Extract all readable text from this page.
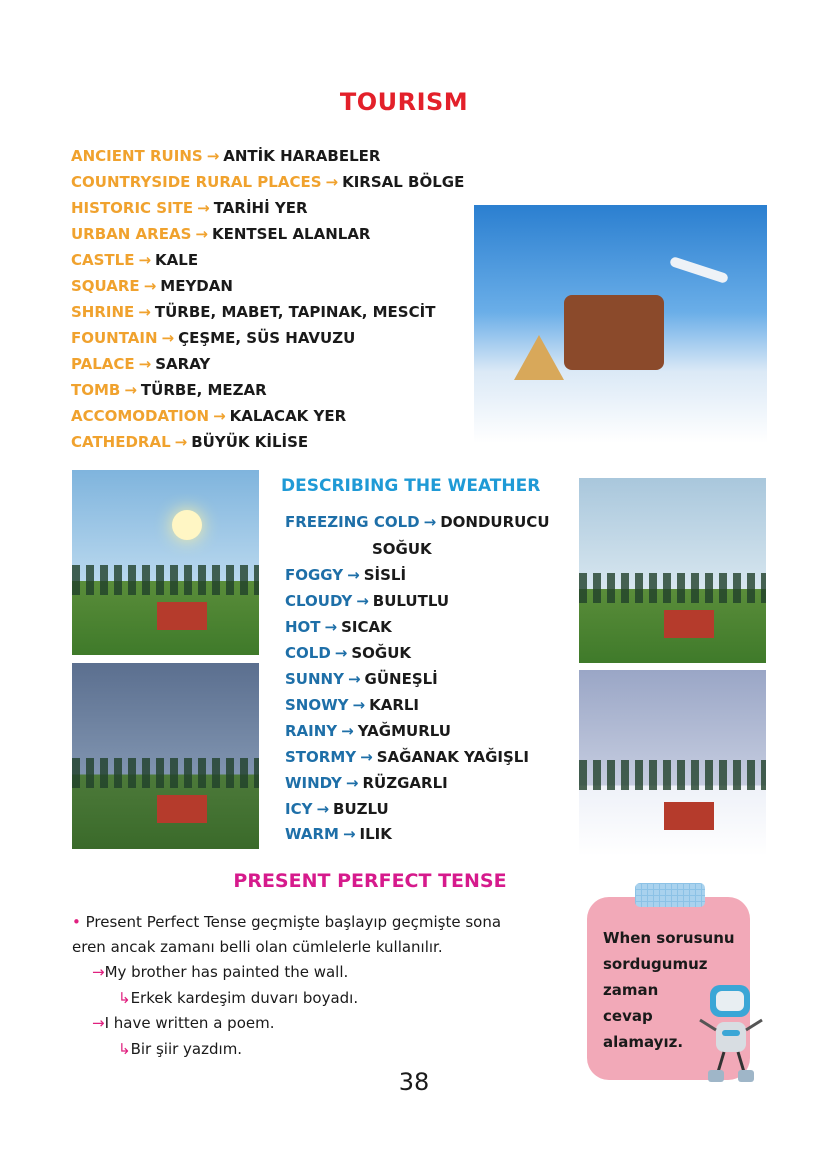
TOURISM
ANCIENT RUINS → ANTİK HARABELER
COUNTRYSIDE RURAL PLACES → KIRSAL BÖLGE
HISTORIC SITE → TARİHİ YER
URBAN AREAS → KENTSEL ALANLAR
CASTLE → KALE
SQUARE → MEYDAN
SHRINE → TÜRBE, MABET, TAPINAK, MESCİT
FOUNTAIN → ÇEŞME, SÜS HAVUZU
PALACE → SARAY
TOMB → TÜRBE, MEZAR
ACCOMODATION → KALACAK YER
CATHEDRAL → BÜYÜK KİLİSE
DESCRIBING THE WEATHER
FREEZING COLD → DONDURUCU
SOĞUK
FOGGY → SİSLİ
CLOUDY → BULUTLU
HOT → SICAK
COLD → SOĞUK
SUNNY → GÜNEŞLİ
SNOWY → KARLI
RAINY → YAĞMURLU
STORMY → SAĞANAK YAĞIŞLI
WINDY → RÜZGARLI
ICY → BUZLU
WARM → ILIK
PRESENT PERFECT TENSE
• Present Perfect Tense geçmişte başlayıp geçmişte sona
eren ancak zamanı belli olan cümlelerle kullanılır.
→My brother has painted the wall.
↳Erkek kardeşim duvarı boyadı.
→I have written a poem.
↳Bir şiir yazdım.
When sorusunu
sordugumuz
zaman
cevap
alamayız.
38
